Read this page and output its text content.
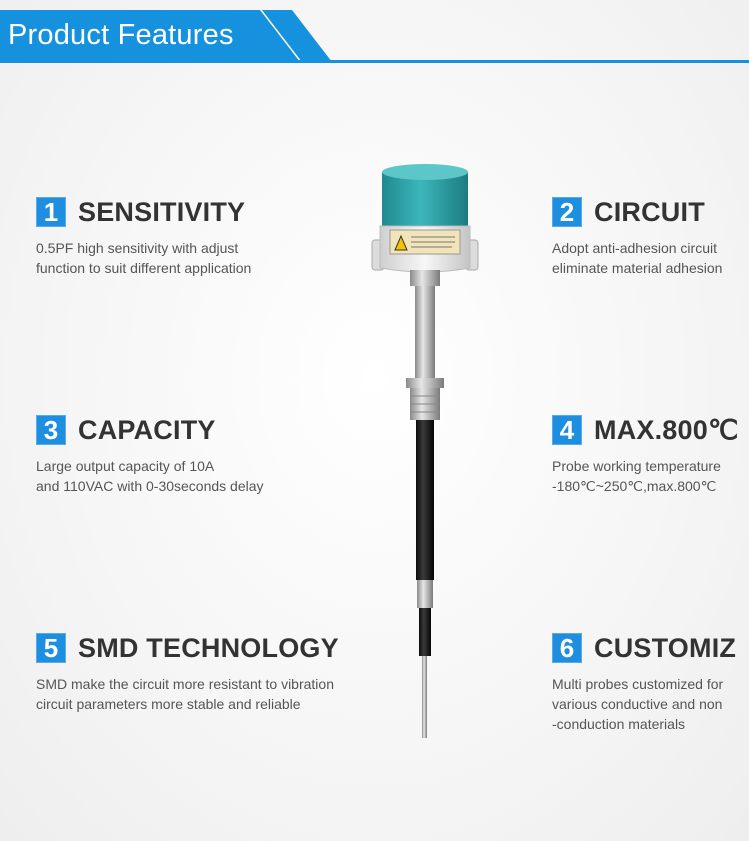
Product Features
1 SENSITIVITY
0.5PF high sensitivity with adjust
function to suit different application
2 CIRCUIT
Adopt anti-adhesion circuit
eliminate material adhesion
3 CAPACITY
Large output capacity of 10A
and 110VAC with 0-30seconds delay
4 MAX.800℃
Probe working temperature
-180℃~250℃,max.800℃
5 SMD TECHNOLOGY
SMD make the circuit more resistant to vibration
circuit parameters more stable and reliable
6 CUSTOMIZ
Multi probes customized for
various conductive and non
-conduction materials
